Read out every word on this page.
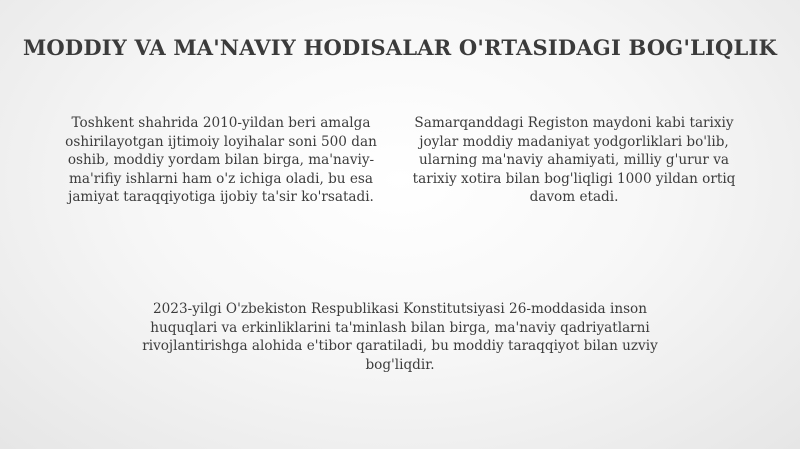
MODDIY VA MA'NAVIY HODISALAR O'RTASIDAGI BOG'LIQLIK

Toshkent shahrida 2010-yildan beri amalga oshirilayotgan ijtimoiy loyihalar soni 500 dan oshib, moddiy yordam bilan birga, ma'naviy-ma'rifiy ishlarni ham o'z ichiga oladi, bu esa jamiyat taraqqiyotiga ijobiy ta'sir ko'rsatadi.

Samarqanddagi Registon maydoni kabi tarixiy joylar moddiy madaniyat yodgorliklari bo'lib, ularning ma'naviy ahamiyati, milliy g'urur va tarixiy xotira bilan bog'liqligi 1000 yildan ortiq davom etadi.

2023-yilgi O'zbekiston Respublikasi Konstitutsiyasi 26-moddasida inson huquqlari va erkinliklarini ta'minlash bilan birga, ma'naviy qadriyatlarni rivojlantirishga alohida e'tibor qaratiladi, bu moddiy taraqqiyot bilan uzviy bog'liqdir.
